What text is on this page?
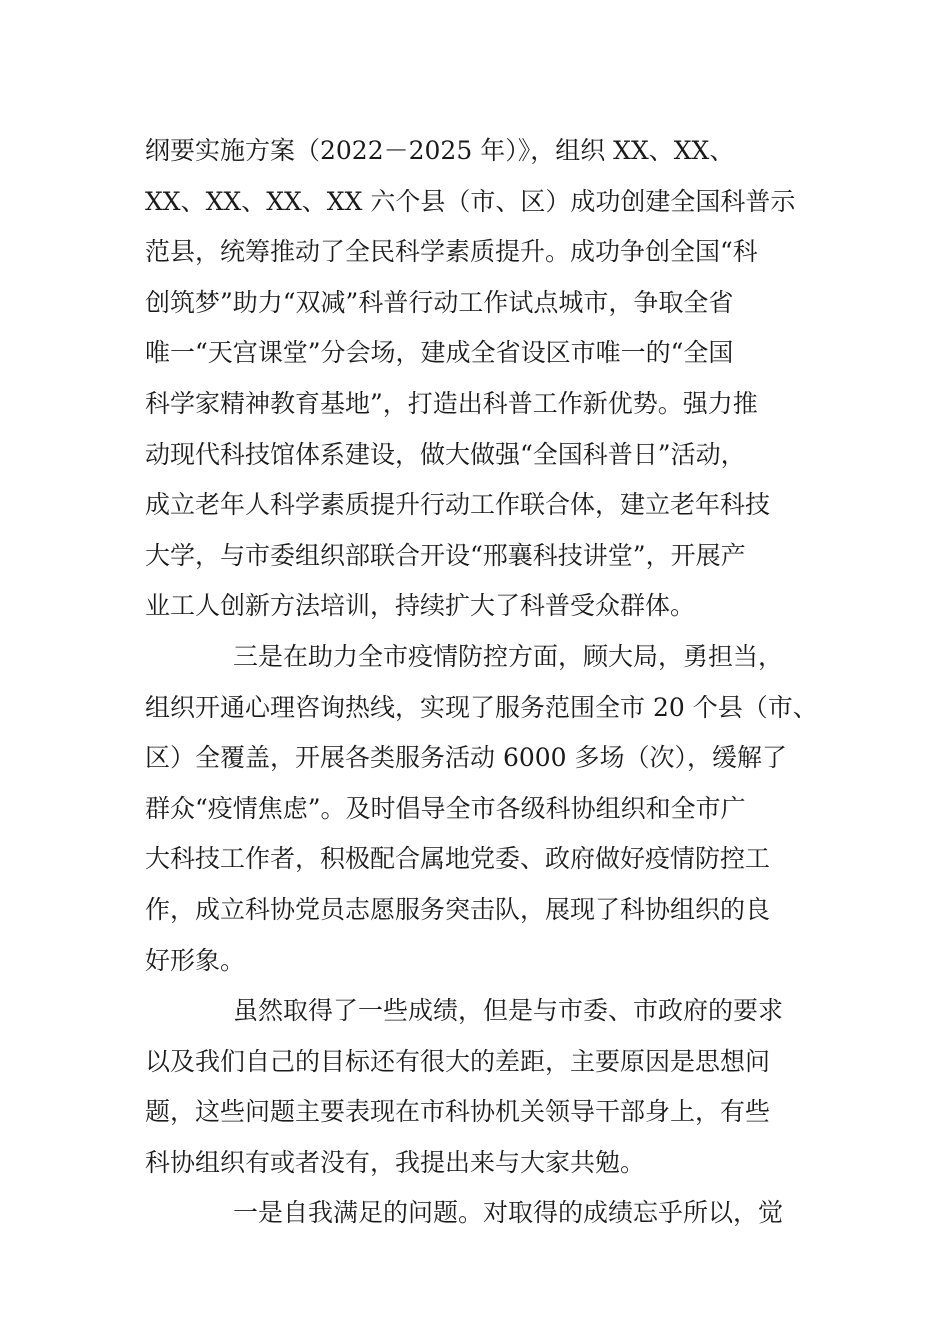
纲要实施方案（2022－2025 年）》，组织 XX、XX、
XX、XX、XX、XX 六个县（市、区）成功创建全国科普示
范县，统筹推动了全民科学素质提升。成功争创全国“科
创筑梦”助力“双减”科普行动工作试点城市，争取全省
唯一“天宫课堂”分会场，建成全省设区市唯一的“全国
科学家精神教育基地”，打造出科普工作新优势。强力推
动现代科技馆体系建设，做大做强“全国科普日”活动，
成立老年人科学素质提升行动工作联合体，建立老年科技
大学，与市委组织部联合开设“邢襄科技讲堂”，开展产
业工人创新方法培训，持续扩大了科普受众群体。
三是在助力全市疫情防控方面，顾大局，勇担当，
组织开通心理咨询热线，实现了服务范围全市 20 个县（市、
区）全覆盖，开展各类服务活动 6000 多场（次），缓解了
群众“疫情焦虑”。及时倡导全市各级科协组织和全市广
大科技工作者，积极配合属地党委、政府做好疫情防控工
作，成立科协党员志愿服务突击队，展现了科协组织的良
好形象。
虽然取得了一些成绩，但是与市委、市政府的要求
以及我们自己的目标还有很大的差距，主要原因是思想问
题，这些问题主要表现在市科协机关领导干部身上，有些
科协组织有或者没有，我提出来与大家共勉。
一是自我满足的问题。对取得的成绩忘乎所以，觉
